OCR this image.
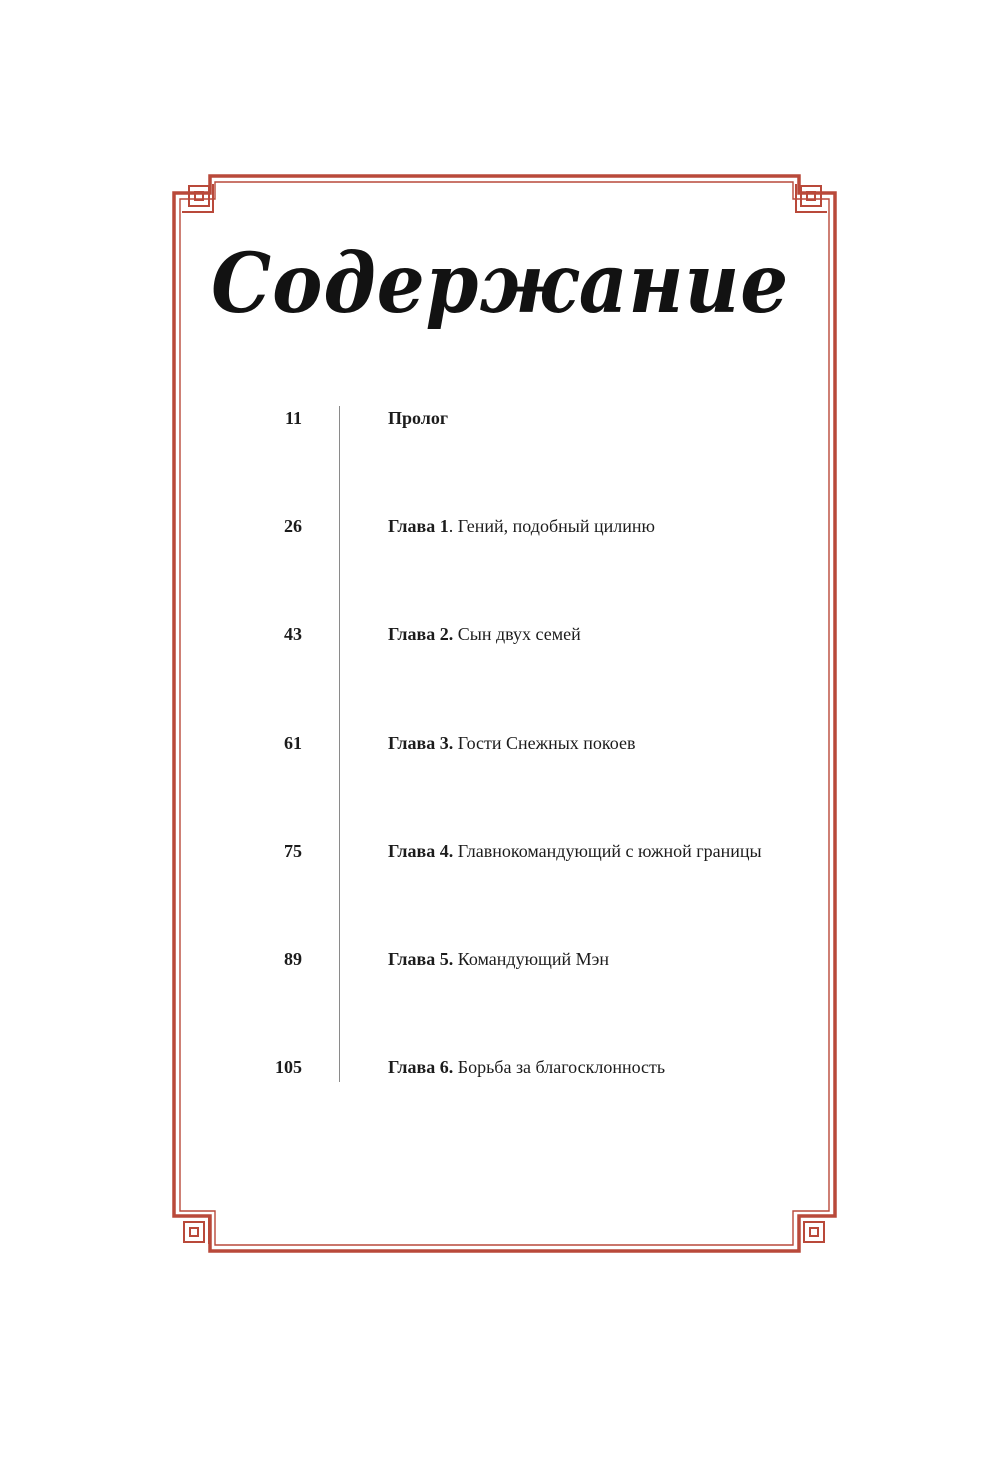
Содержание
11	Пролог
26	Глава 1. Гений, подобный цилиню
43	Глава 2. Сын двух семей
61	Глава 3. Гости Снежных покоев
75	Глава 4. Главнокомандующий с южной границы
89	Глава 5. Командующий Мэн
105	Глава 6. Борьба за благосклонность
